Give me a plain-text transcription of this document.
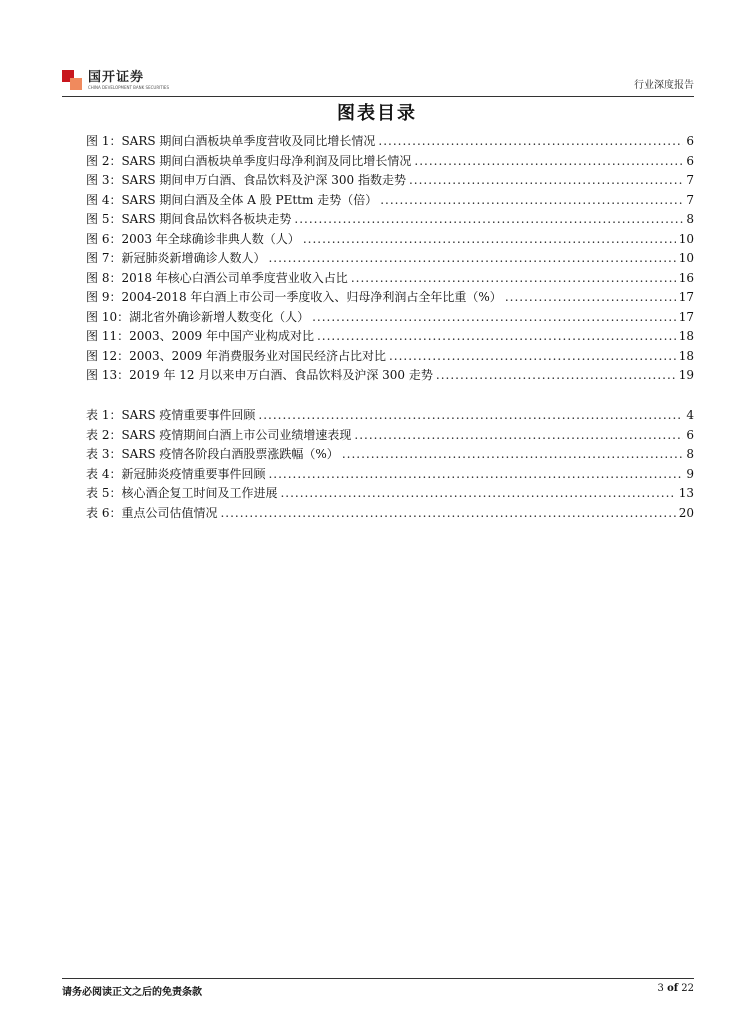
国开证券
CHINA DEVELOPMENT BANK SECURITIES	行业深度报告
图表目录
图 1：SARS 期间白酒板块单季度营收及同比增长情况 .....	6
图 2：SARS 期间白酒板块单季度归母净利润及同比增长情况 .....	6
图 3：SARS 期间申万白酒、食品饮料及沪深 300 指数走势 .....	7
图 4：SARS 期间白酒及全体 A 股 PEttm 走势（倍） .....	7
图 5：SARS 期间食品饮料各板块走势 .....	8
图 6：2003 年全球确诊非典人数（人） .....	10
图 7：新冠肺炎新增确诊人数人） .....	10
图 8：2018 年核心白酒公司单季度营业收入占比 .....	16
图 9：2004-2018 年白酒上市公司一季度收入、归母净利润占全年比重（%） .....	17
图 10：湖北省外确诊新增人数变化（人） .....	17
图 11：2003、2009 年中国产业构成对比 .....	18
图 12：2003、2009 年消费服务业对国民经济占比对比 .....	18
图 13：2019 年 12 月以来申万白酒、食品饮料及沪深 300 走势 .....	19
表 1：SARS 疫情重要事件回顾 .....	4
表 2：SARS 疫情期间白酒上市公司业绩增速表现 .....	6
表 3：SARS 疫情各阶段白酒股票涨跌幅（%） .....	8
表 4：新冠肺炎疫情重要事件回顾 .....	9
表 5：核心酒企复工时间及工作进展 .....	13
表 6：重点公司估值情况 .....	20
请务必阅读正文之后的免责条款	3 of 22
